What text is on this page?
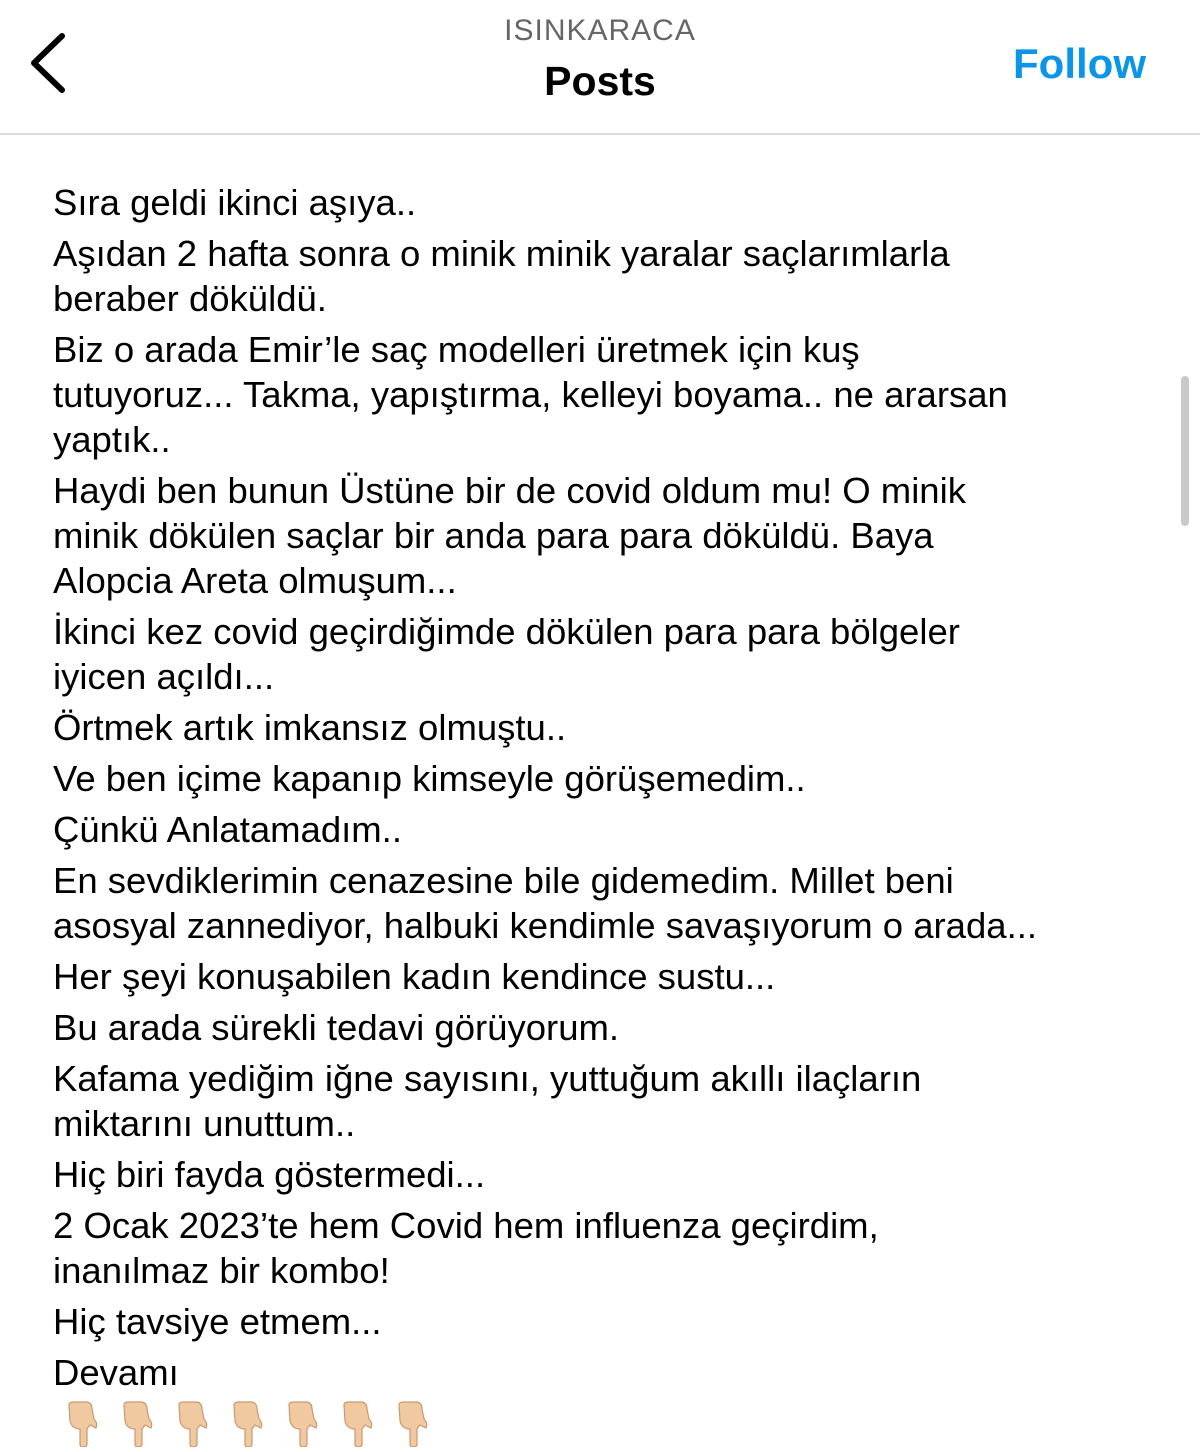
ISINKARACA
Posts	Follow
Sıra geldi ikinci aşıya..
Aşıdan 2 hafta sonra o minik minik yaralar saçlarımlarla
beraber döküldü.
Biz o arada Emir’le saç modelleri üretmek için kuş
tutuyoruz... Takma, yapıştırma, kelleyi boyama.. ne ararsan
yaptık..
Haydi ben bunun Üstüne bir de covid oldum mu! O minik
minik dökülen saçlar bir anda para para döküldü. Baya
Alopcia Areta olmuşum...
İkinci kez covid geçirdiğimde dökülen para para bölgeler
iyicen açıldı...
Örtmek artık imkansız olmuştu..
Ve ben içime kapanıp kimseyle görüşemedim..
Çünkü Anlatamadım..
En sevdiklerimin cenazesine bile gidemedim. Millet beni
asosyal zannediyor, halbuki kendimle savaşıyorum o arada...
Her şeyi konuşabilen kadın kendince sustu...
Bu arada sürekli tedavi görüyorum.
Kafama yediğim iğne sayısını, yuttuğum akıllı ilaçların
miktarını unuttum..
Hiç biri fayda göstermedi...
2 Ocak 2023’te hem Covid hem influenza geçirdim,
inanılmaz bir kombo!
Hiç tavsiye etmem...
Devamı
